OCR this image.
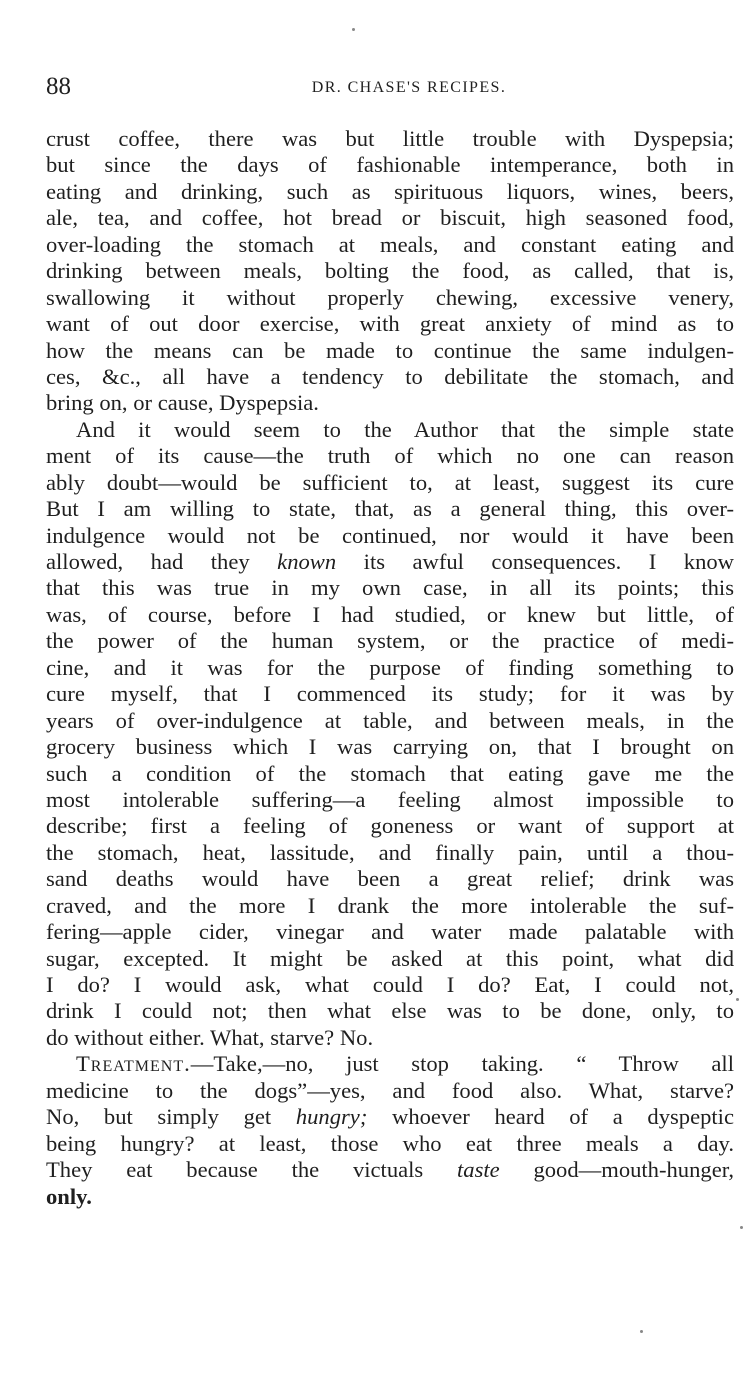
88	DR. CHASE'S RECIPES.
crust coffee, there was but little trouble with Dyspepsia;
but since the days of fashionable intemperance, both in
eating and drinking, such as spirituous liquors, wines, beers,
ale, tea, and coffee, hot bread or biscuit, high seasoned food,
over-loading the stomach at meals, and constant eating and
drinking between meals, bolting the food, as called, that is,
swallowing it without properly chewing, excessive venery,
want of out door exercise, with great anxiety of mind as to
how the means can be made to continue the same indulgen-
ces, &c., all have a tendency to debilitate the stomach, and
bring on, or cause, Dyspepsia.
And it would seem to the Author that the simple state
ment of its cause—the truth of which no one can reason
ably doubt—would be sufficient to, at least, suggest its cure
But I am willing to state, that, as a general thing, this over-
indulgence would not be continued, nor would it have been
allowed, had they known its awful consequences. I know
that this was true in my own case, in all its points; this
was, of course, before I had studied, or knew but little, of
the power of the human system, or the practice of medi-
cine, and it was for the purpose of finding something to
cure myself, that I commenced its study; for it was by
years of over-indulgence at table, and between meals, in the
grocery business which I was carrying on, that I brought on
such a condition of the stomach that eating gave me the
most intolerable suffering—a feeling almost impossible to
describe; first a feeling of goneness or want of support at
the stomach, heat, lassitude, and finally pain, until a thou-
sand deaths would have been a great relief; drink was
craved, and the more I drank the more intolerable the suf-
fering—apple cider, vinegar and water made palatable with
sugar, excepted. It might be asked at this point, what did
I do? I would ask, what could I do? Eat, I could not,
drink I could not; then what else was to be done, only, to
do without either. What, starve? No.
Treatment.—Take,—no, just stop taking. “ Throw all
medicine to the dogs”—yes, and food also. What, starve?
No, but simply get hungry; whoever heard of a dyspeptic
being hungry? at least, those who eat three meals a day.
They eat because the victuals taste good—mouth-hunger,
only.
